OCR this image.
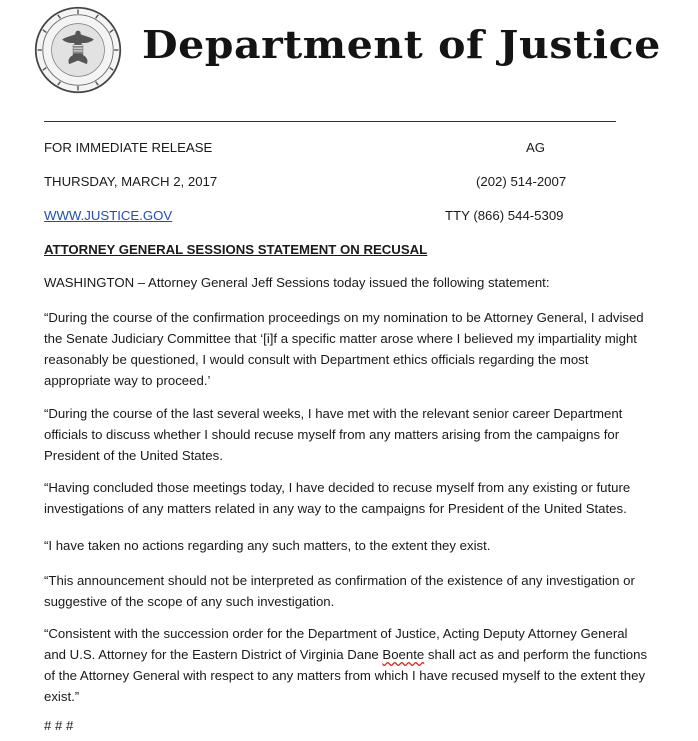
Department of Justice
FOR IMMEDIATE RELEASE	AG
THURSDAY, MARCH 2, 2017	(202) 514-2007
WWW.JUSTICE.GOV	TTY (866) 544-5309
ATTORNEY GENERAL SESSIONS STATEMENT ON RECUSAL
WASHINGTON – Attorney General Jeff Sessions today issued the following statement:
“During the course of the confirmation proceedings on my nomination to be Attorney General, I advised
the Senate Judiciary Committee that ‘[i]f a specific matter arose where I believed my impartiality might
reasonably be questioned, I would consult with Department ethics officials regarding the most
appropriate way to proceed.’
“During the course of the last several weeks, I have met with the relevant senior career Department
officials to discuss whether I should recuse myself from any matters arising from the campaigns for
President of the United States.
“Having concluded those meetings today, I have decided to recuse myself from any existing or future
investigations of any matters related in any way to the campaigns for President of the United States.
“I have taken no actions regarding any such matters, to the extent they exist.
“This announcement should not be interpreted as confirmation of the existence of any investigation or
suggestive of the scope of any such investigation.
“Consistent with the succession order for the Department of Justice, Acting Deputy Attorney General
and U.S. Attorney for the Eastern District of Virginia Dane Boente shall act as and perform the functions
of the Attorney General with respect to any matters from which I have recused myself to the extent they
exist.”
# # #
